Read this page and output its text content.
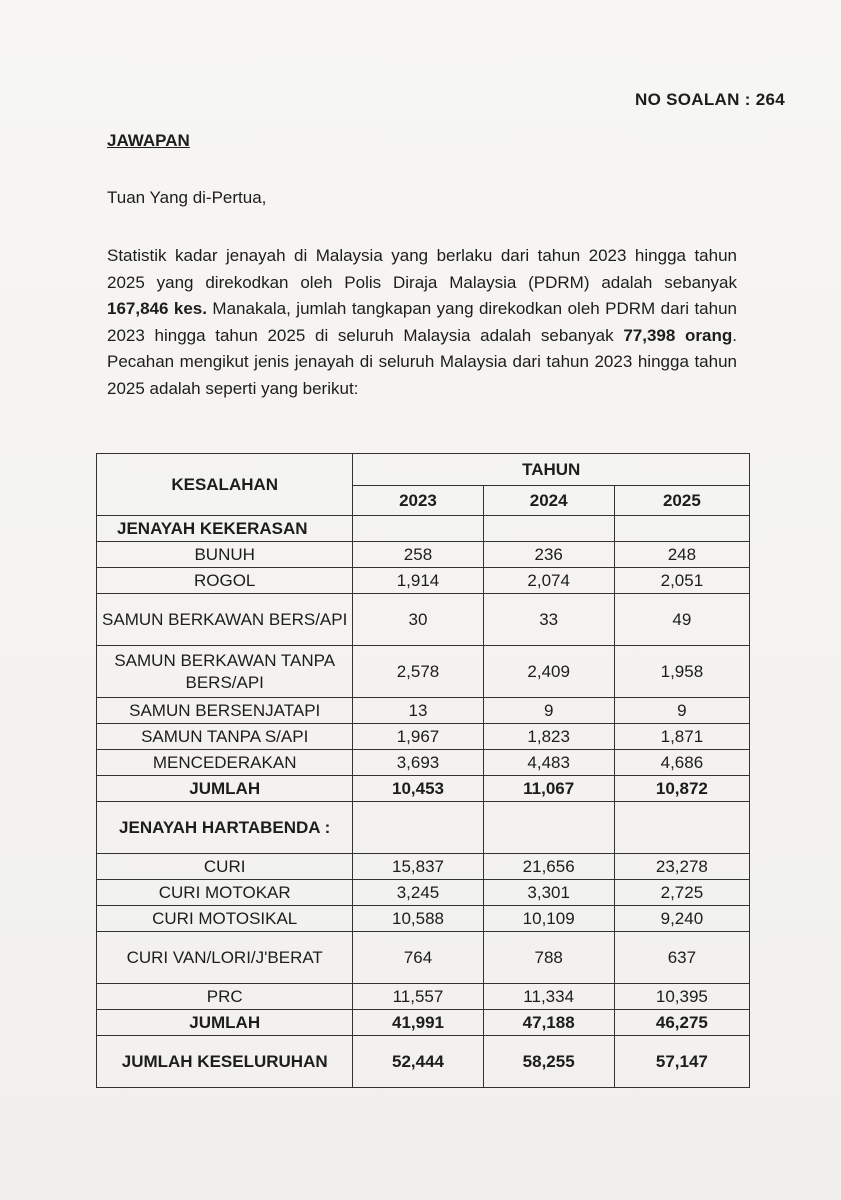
NO SOALAN : 264
JAWAPAN
Tuan Yang di-Pertua,
Statistik kadar jenayah di Malaysia yang berlaku dari tahun 2023 hingga tahun 2025 yang direkodkan oleh Polis Diraja Malaysia (PDRM) adalah sebanyak 167,846 kes. Manakala, jumlah tangkapan yang direkodkan oleh PDRM dari tahun 2023 hingga tahun 2025 di seluruh Malaysia adalah sebanyak 77,398 orang. Pecahan mengikut jenis jenayah di seluruh Malaysia dari tahun 2023 hingga tahun 2025 adalah seperti yang berikut:
KESALAHAN	TAHUN		
	2023	2024	2025
JENAYAH KEKERASAN			
BUNUH	258	236	248
ROGOL	1,914	2,074	2,051
SAMUN BERKAWAN BERS/API	30	33	49
SAMUN BERKAWAN TANPA BERS/API	2,578	2,409	1,958
SAMUN BERSENJATAPI	13	9	9
SAMUN TANPA S/API	1,967	1,823	1,871
MENCEDERAKAN	3,693	4,483	4,686
JUMLAH	10,453	11,067	10,872
JENAYAH HARTABENDA :			
CURI	15,837	21,656	23,278
CURI MOTOKAR	3,245	3,301	2,725
CURI MOTOSIKAL	10,588	10,109	9,240
CURI VAN/LORI/J'BERAT	764	788	637
PRC	11,557	11,334	10,395
JUMLAH	41,991	47,188	46,275
JUMLAH KESELURUHAN	52,444	58,255	57,147
